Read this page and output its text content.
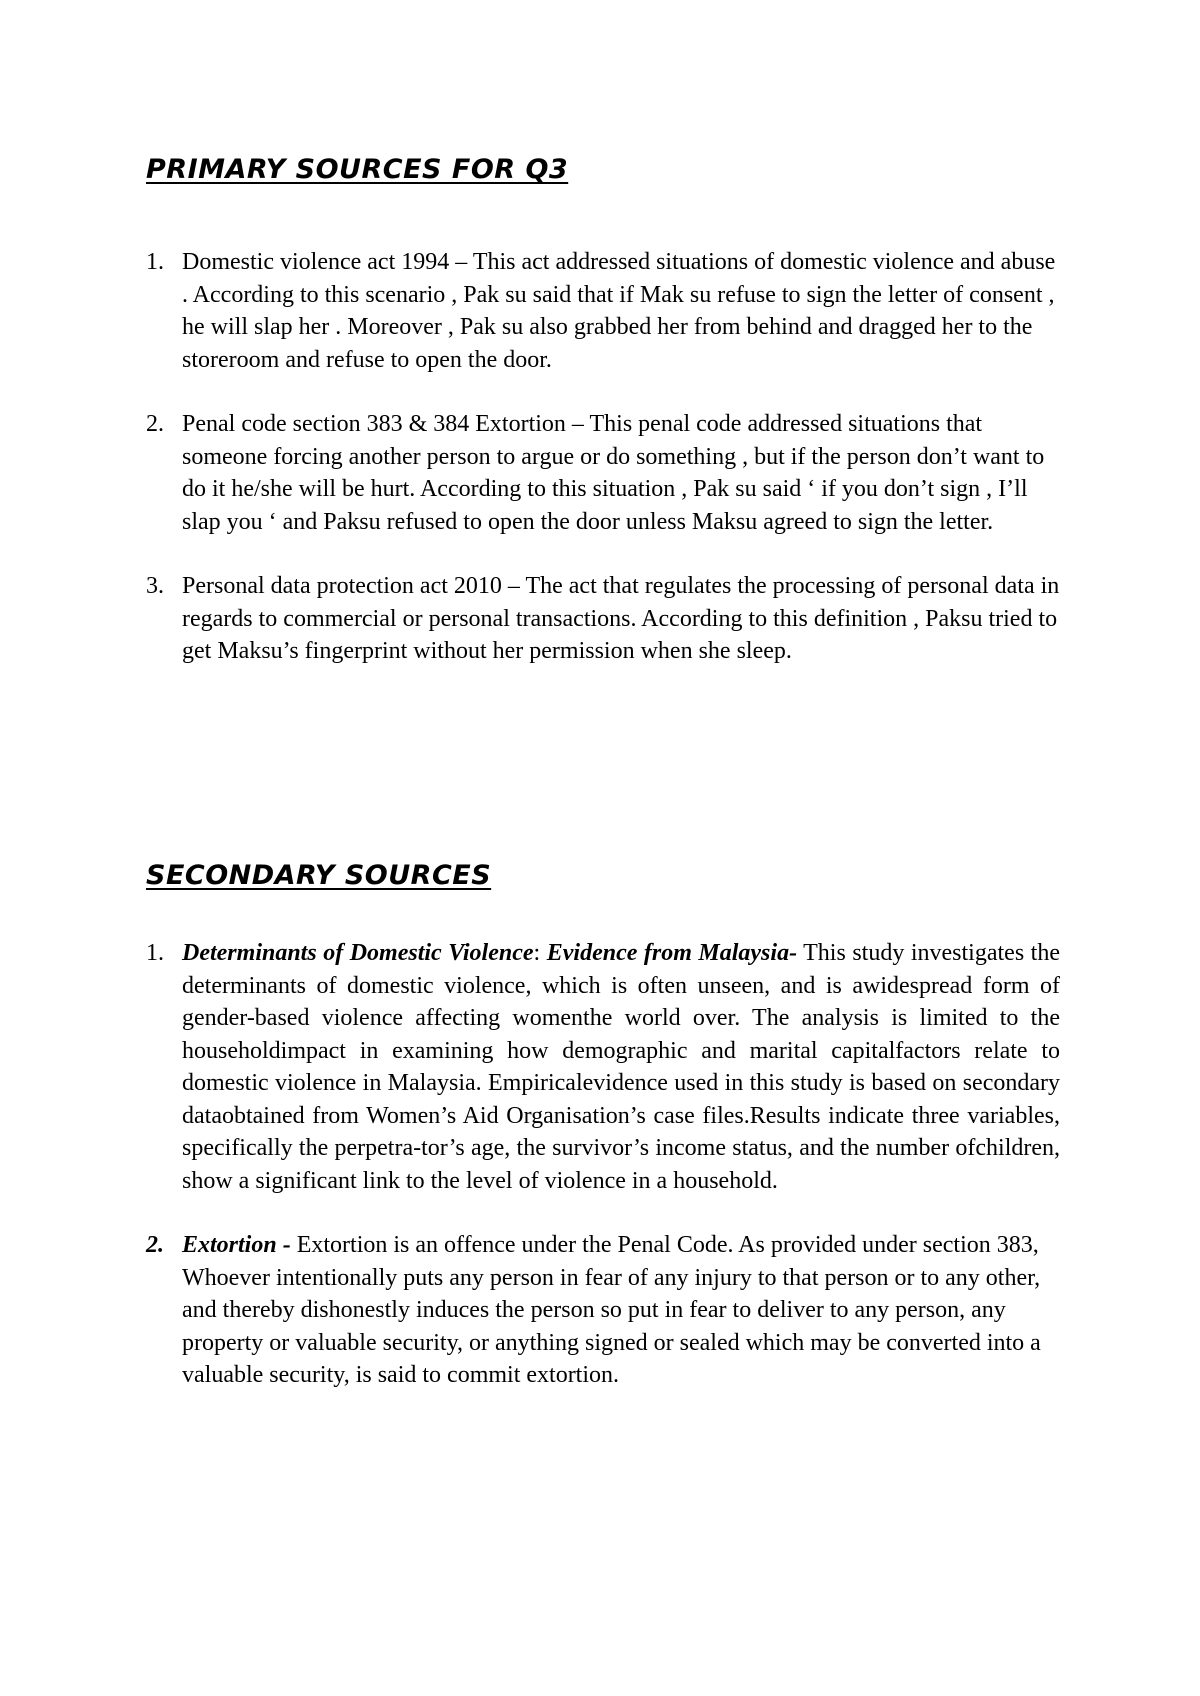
PRIMARY SOURCES FOR Q3
1. Domestic violence act 1994 – This act addressed situations of domestic violence and abuse . According to this scenario , Pak su said that if Mak su refuse to sign the letter of consent , he will slap her . Moreover , Pak su also grabbed her from behind and dragged her to the storeroom and refuse to open the door.
2. Penal code section 383 & 384 Extortion – This penal code addressed situations that someone forcing another person to argue or do something , but if the person don’t want to do it he/she will be hurt. According to this situation , Pak su said ‘ if you don’t sign , I’ll slap you ‘ and Paksu refused to open the door unless Maksu agreed to sign the letter.
3. Personal data protection act 2010 – The act that regulates the processing of personal data in regards to commercial or personal transactions. According to this definition , Paksu tried to get Maksu’s fingerprint without her permission when she sleep.
SECONDARY SOURCES
1. Determinants of Domestic Violence: Evidence from Malaysia- This study investigates the determinants of domestic violence, which is often unseen, and is awidespread form of gender-based violence affecting womenthe world over. The analysis is limited to the householdimpact in examining how demographic and marital capitalfactors relate to domestic violence in Malaysia. Empiricalevidence used in this study is based on secondary dataobtained from Women’s Aid Organisation’s case files.Results indicate three variables, specifically the perpetra-tor’s age, the survivor’s income status, and the number ofchildren, show a significant link to the level of violence in a household.
2. Extortion - Extortion is an offence under the Penal Code. As provided under section 383, Whoever intentionally puts any person in fear of any injury to that person or to any other, and thereby dishonestly induces the person so put in fear to deliver to any person, any property or valuable security, or anything signed or sealed which may be converted into a valuable security, is said to commit extortion.
